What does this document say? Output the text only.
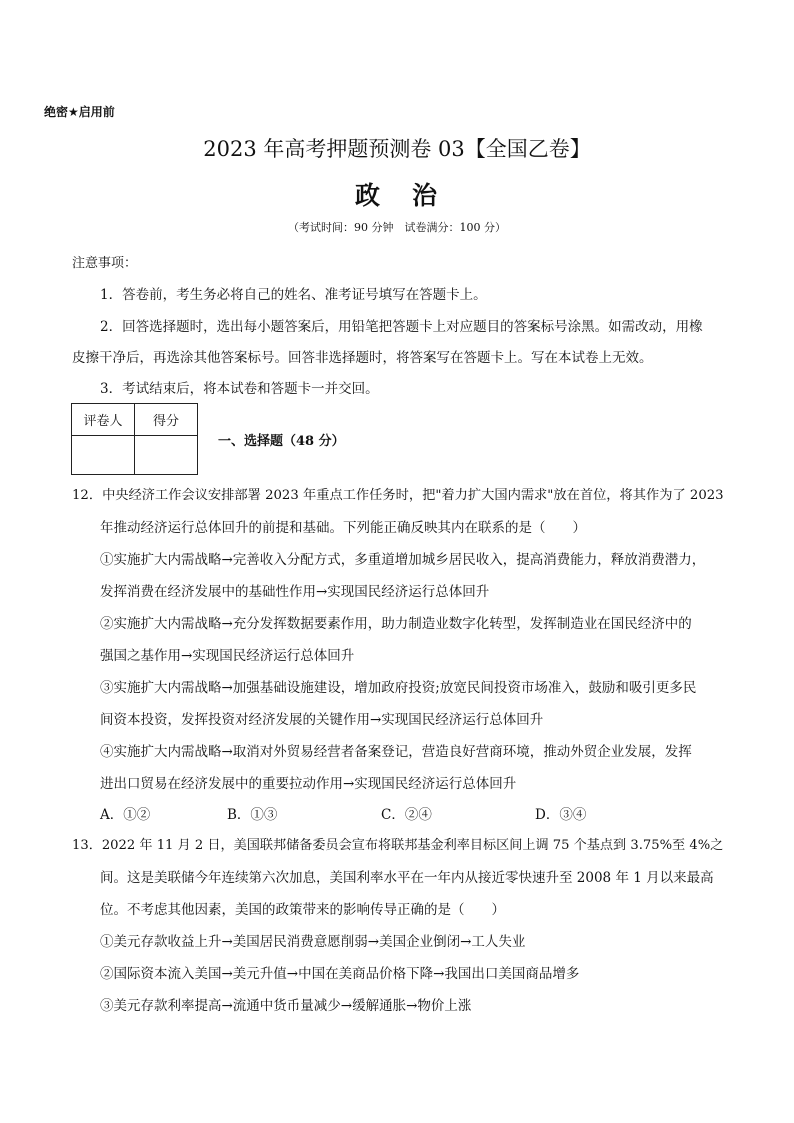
绝密★启用前
2023 年高考押题预测卷 03【全国乙卷】
政 治
（考试时间：90 分钟　试卷满分：100 分）
注意事项：
1．答卷前，考生务必将自己的姓名、准考证号填写在答题卡上。
2．回答选择题时，选出每小题答案后，用铅笔把答题卡上对应题目的答案标号涂黑。如需改动，用橡
皮擦干净后，再选涂其他答案标号。回答非选择题时，将答案写在答题卡上。写在本试卷上无效。
3．考试结束后，将本试卷和答题卡一并交回。
评卷人	得分

一、选择题（48 分）
12．中央经济工作会议安排部署 2023 年重点工作任务时，把"着力扩大国内需求"放在首位，将其作为了 2023
年推动经济运行总体回升的前提和基础。下列能正确反映其内在联系的是（　　）
①实施扩大内需战略→完善收入分配方式，多重道增加城乡居民收入，提高消费能力，释放消费潜力，
发挥消费在经济发展中的基础性作用→实现国民经济运行总体回升
②实施扩大内需战略→充分发挥数据要素作用，助力制造业数字化转型，发挥制造业在国民经济中的
强国之基作用→实现国民经济运行总体回升
③实施扩大内需战略→加强基础设施建设，增加政府投资;放宽民间投资市场准入，鼓励和吸引更多民
间资本投资，发挥投资对经济发展的关键作用→实现国民经济运行总体回升
④实施扩大内需战略→取消对外贸易经营者备案登记，营造良好营商环境，推动外贸企业发展，发挥
进出口贸易在经济发展中的重要拉动作用→实现国民经济运行总体回升
A．①②	B．①③	C．②④	D．③④
13．2022 年 11 月 2 日，美国联邦储备委员会宣布将联邦基金利率目标区间上调 75 个基点到 3.75%至 4%之
间。这是美联储今年连续第六次加息，美国利率水平在一年内从接近零快速升至 2008 年 1 月以来最高
位。不考虑其他因素，美国的政策带来的影响传导正确的是（　　）
①美元存款收益上升→美国居民消费意愿削弱→美国企业倒闭→工人失业
②国际资本流入美国→美元升值→中国在美商品价格下降→我国出口美国商品增多
③美元存款利率提高→流通中货币量减少→缓解通胀→物价上涨
